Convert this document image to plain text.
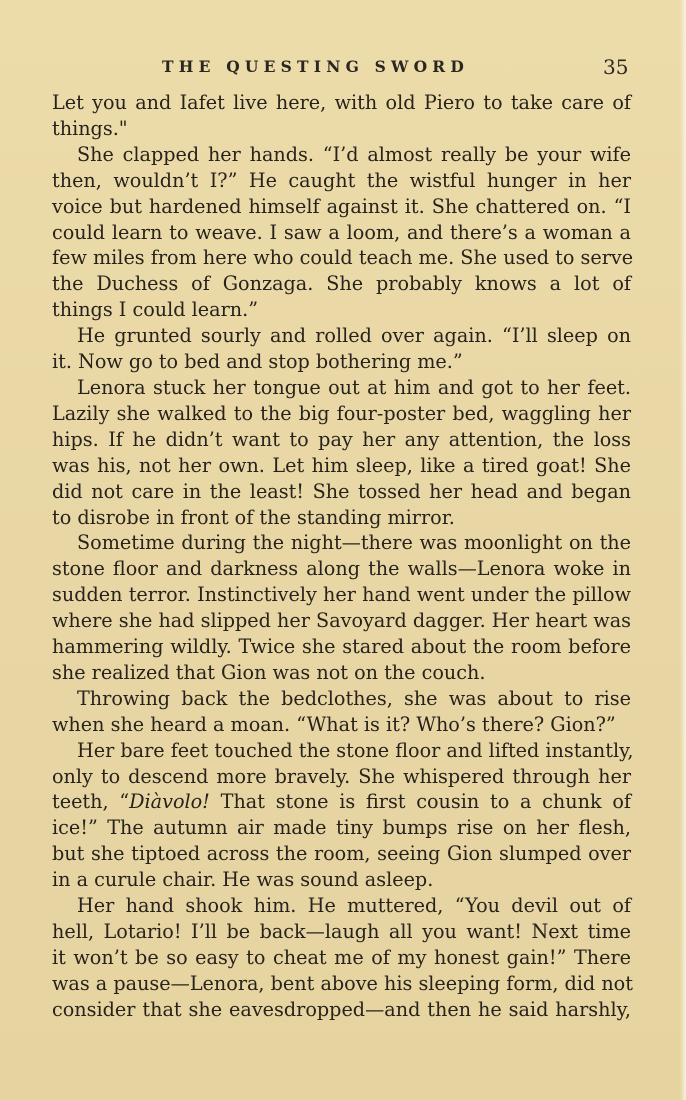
THE QUESTING SWORD	35
Let you and Iafet live here, with old Piero to take care of
things."
She clapped her hands. “I’d almost really be your wife
then, wouldn’t I?” He caught the wistful hunger in her
voice but hardened himself against it. She chattered on. “I
could learn to weave. I saw a loom, and there’s a woman a
few miles from here who could teach me. She used to serve
the Duchess of Gonzaga. She probably knows a lot of
things I could learn.”
He grunted sourly and rolled over again. “I’ll sleep on
it. Now go to bed and stop bothering me.”
Lenora stuck her tongue out at him and got to her feet.
Lazily she walked to the big four-poster bed, waggling her
hips. If he didn’t want to pay her any attention, the loss
was his, not her own. Let him sleep, like a tired goat! She
did not care in the least! She tossed her head and began
to disrobe in front of the standing mirror.
Sometime during the night—there was moonlight on the
stone floor and darkness along the walls—Lenora woke in
sudden terror. Instinctively her hand went under the pillow
where she had slipped her Savoyard dagger. Her heart was
hammering wildly. Twice she stared about the room before
she realized that Gion was not on the couch.
Throwing back the bedclothes, she was about to rise
when she heard a moan. “What is it? Who’s there? Gion?”
Her bare feet touched the stone floor and lifted instantly,
only to descend more bravely. She whispered through her
teeth, “Diàvolo! That stone is first cousin to a chunk of
ice!” The autumn air made tiny bumps rise on her flesh,
but she tiptoed across the room, seeing Gion slumped over
in a curule chair. He was sound asleep.
Her hand shook him. He muttered, “You devil out of
hell, Lotario! I’ll be back—laugh all you want! Next time
it won’t be so easy to cheat me of my honest gain!” There
was a pause—Lenora, bent above his sleeping form, did not
consider that she eavesdropped—and then he said harshly,
